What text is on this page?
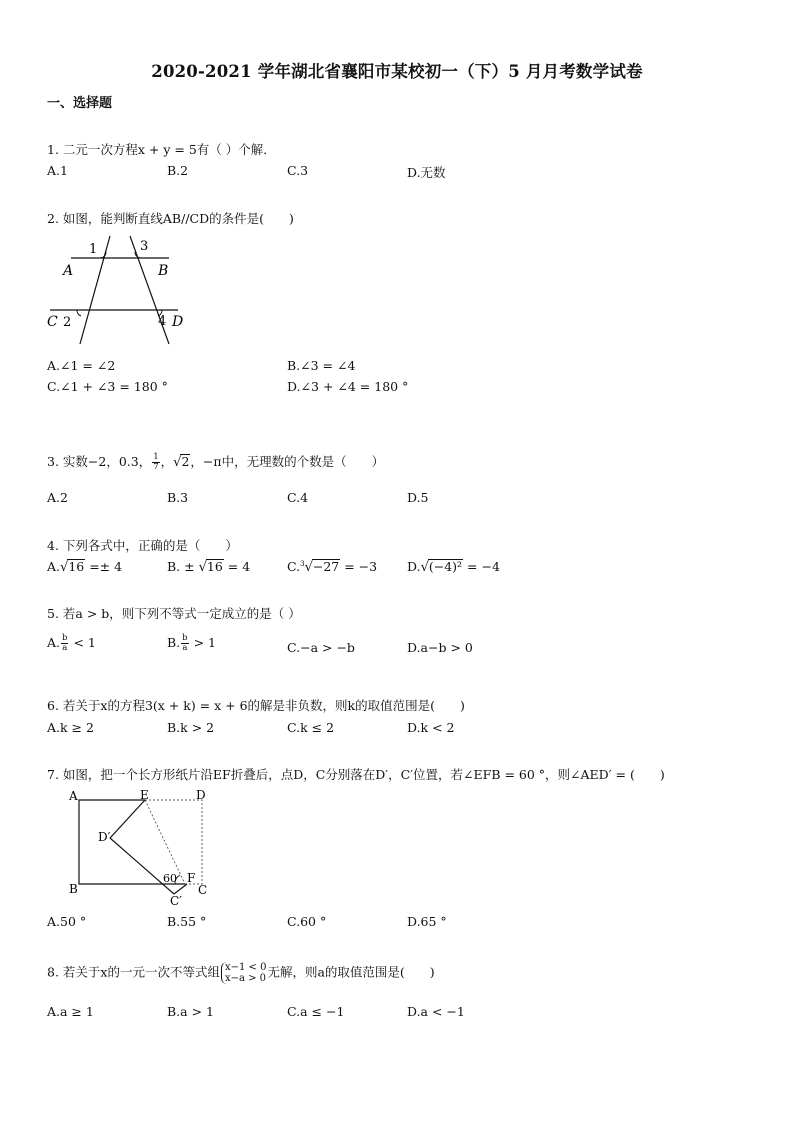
2020-2021 学年湖北省襄阳市某校初一（下）5 月月考数学试卷
一、选择题
1. 二元一次方程x + y = 5有（ ）个解．
A.1	B.2	C.3	D.无数
2. 如图，能判断直线AB//CD的条件是(　　)
1	3
A	B
C 2	4 D
A.∠1 = ∠2	B.∠3 = ∠4
C.∠1 + ∠3 = 180 °	D.∠3 + ∠4 = 180 °
3. 实数−2，0.3， $\frac{1}{7}$ ，√2，−π中，无理数的个数是（　　）
A.2	B.3	C.4	D.5
4. 下列各式中，正确的是（　　）
A.√16 =± 4	B. ± √16 = 4	C.$^3$√−27 = −3 D.√(−4)² = −4
5. 若a > b，则下列不等式一定成立的是（ ）
A. $\frac{b}{a} < 1$	B. $\frac{b}{a} > 1$	C.−a > −b	D.a−b > 0
6. 若关于x的方程3(x + k) = x + 6的解是非负数，则k的取值范围是(　　)
A.k ≥ 2	B.k > 2	C.k ≤ 2	D.k < 2
7. 如图，把一个长方形纸片沿EF折叠后，点D，C分别落在D′，C′位置，若∠EFB = 60 °，则∠AED′ = (　　)
A	E	D
D′
B
60 F
C
C′
A.50 °	B.55 °	C.60 °	D.65 °
8. 若关于x的一元一次不等式组 x−1 < 0
x−a > 0 无解，则a的取值范围是(　　)
A.a ≥ 1	B.a > 1	C.a ≤ −1	D.a < −1
